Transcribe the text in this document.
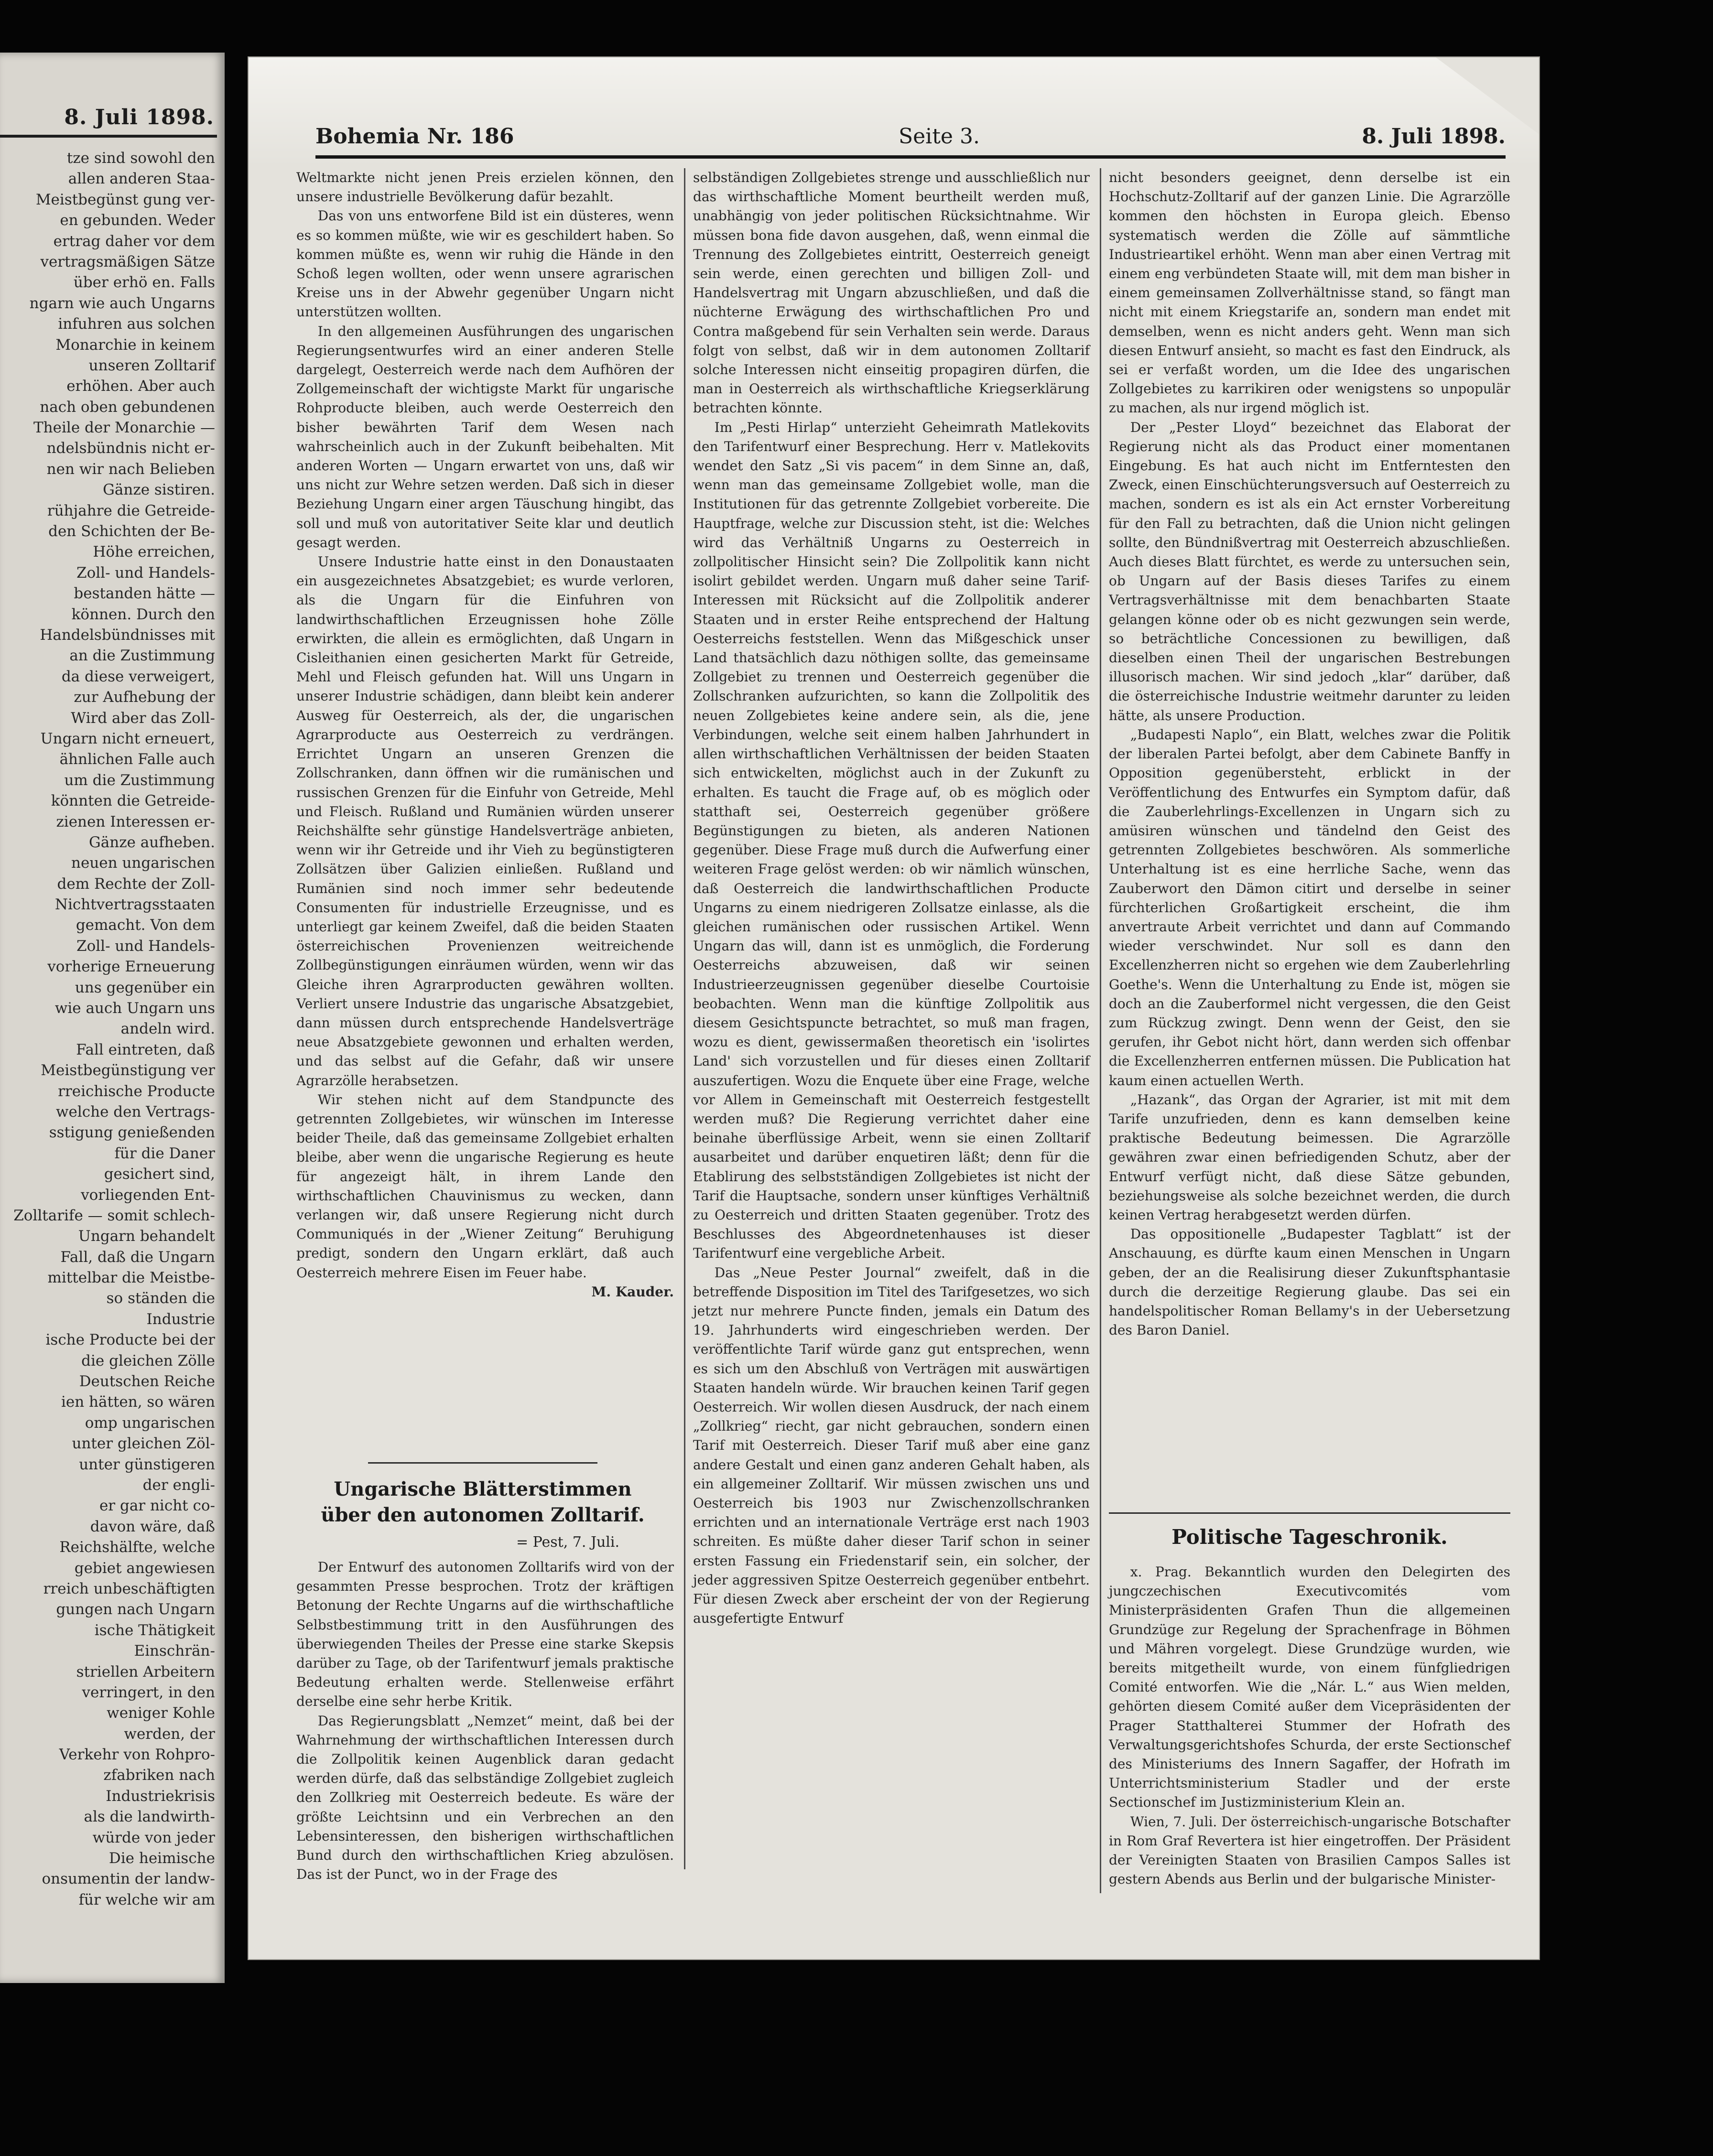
8. Juli 1898.
tze sind sowohl den
allen anderen Staa-
Meistbegünst gung ver-
en gebunden. Weder
ertrag daher vor dem
vertragsmäßigen Sätze
über erhö en. Falls
ngarn wie auch Ungarns
infuhren aus solchen
Monarchie in keinem
unseren Zolltarif
erhöhen. Aber auch
nach oben gebundenen
Theile der Monarchie —
ndelsbündnis nicht er-
nen wir nach Belieben
Gänze sistiren.
rühjahre die Getreide-
den Schichten der Be-
Höhe erreichen,
Zoll- und Handels-
bestanden hätte —
können. Durch den
Handelsbündnisses mit
an die Zustimmung
da diese verweigert,
zur Aufhebung der
Wird aber das Zoll-
Ungarn nicht erneuert,
ähnlichen Falle auch
um die Zustimmung
könnten die Getreide-
zienen Interessen er-
Gänze aufheben.
neuen ungarischen
dem Rechte der Zoll-
Nichtvertragsstaaten
gemacht. Von dem
Zoll- und Handels-
vorherige Erneuerung
uns gegenüber ein
wie auch Ungarn uns
andeln wird.
Fall eintreten, daß
Meistbegünstigung ver
rreichische Producte
welche den Vertrags-
sstigung genießenden
für die Daner
gesichert sind,
vorliegenden Ent-
Zolltarife — somit schlech-
Ungarn behandelt
Fall, daß die Ungarn
mittelbar die Meistbe-
so ständen die
Industrie
ische Producte bei der
die gleichen Zölle
Deutschen Reiche
ien hätten, so wären
omp ungarischen
unter gleichen Zöl-
unter günstigeren
der engli-
er gar nicht co-
davon wäre, daß
Reichshälfte, welche
gebiet angewiesen
rreich unbeschäftigten
gungen nach Ungarn
ische Thätigkeit
Einschrän-
striellen Arbeitern
verringert, in den
weniger Kohle
werden, der
Verkehr von Rohpro-
zfabriken nach
Industriekrisis
als die landwirth-
würde von jeder
Die heimische
onsumentin der landw-
für welche wir am
Bohemia Nr. 186	Seite 3.	8. Juli 1898.

Weltmarkte nicht jenen Preis erzielen können, den unsere industrielle Bevölkerung dafür bezahlt.

Das von uns entworfene Bild ist ein düsteres, wenn es so kommen müßte, wie wir es geschildert haben. So kommen müßte es, wenn wir ruhig die Hände in den Schoß legen wollten, oder wenn unsere agrarischen Kreise uns in der Abwehr gegenüber Ungarn nicht unterstützen wollten.

In den allgemeinen Ausführungen des ungarischen Regierungsentwurfes wird an einer anderen Stelle dargelegt, Oesterreich werde nach dem Aufhören der Zollgemeinschaft der wichtigste Markt für ungarische Rohproducte bleiben, auch werde Oesterreich den bisher bewährten Tarif dem Wesen nach wahrscheinlich auch in der Zukunft beibehalten. Mit anderen Worten — Ungarn erwartet von uns, daß wir uns nicht zur Wehre setzen werden. Daß sich in dieser Beziehung Ungarn einer argen Täuschung hingibt, das soll und muß von autoritativer Seite klar und deutlich gesagt werden.

Unsere Industrie hatte einst in den Donaustaaten ein ausgezeichnetes Absatzgebiet; es wurde verloren, als die Ungarn für die Einfuhren von landwirthschaftlichen Erzeugnissen hohe Zölle erwirkten, die allein es ermöglichten, daß Ungarn in Cisleithanien einen gesicherten Markt für Getreide, Mehl und Fleisch gefunden hat. Will uns Ungarn in unserer Industrie schädigen, dann bleibt kein anderer Ausweg für Oesterreich, als der, die ungarischen Agrarproducte aus Oesterreich zu verdrängen. Errichtet Ungarn an unseren Grenzen die Zollschranken, dann öffnen wir die rumänischen und russischen Grenzen für die Einfuhr von Getreide, Mehl und Fleisch. Rußland und Rumänien würden unserer Reichshälfte sehr günstige Handelsverträge anbieten, wenn wir ihr Getreide und ihr Vieh zu begünstigteren Zollsätzen über Galizien einließen. Rußland und Rumänien sind noch immer sehr bedeutende Consumenten für industrielle Erzeugnisse, und es unterliegt gar keinem Zweifel, daß die beiden Staaten österreichischen Provenienzen weitreichende Zollbegünstigungen einräumen würden, wenn wir das Gleiche ihren Agrarproducten gewähren wollten. Verliert unsere Industrie das ungarische Absatzgebiet, dann müssen durch entsprechende Handelsverträge neue Absatzgebiete gewonnen und erhalten werden, und das selbst auf die Gefahr, daß wir unsere Agrarzölle herabsetzen.

Wir stehen nicht auf dem Standpuncte des getrennten Zollgebietes, wir wünschen im Interesse beider Theile, daß das gemeinsame Zollgebiet erhalten bleibe, aber wenn die ungarische Regierung es heute für angezeigt hält, in ihrem Lande den wirthschaftlichen Chauvinismus zu wecken, dann verlangen wir, daß unsere Regierung nicht durch Communiqués in der „Wiener Zeitung“ Beruhigung predigt, sondern den Ungarn erklärt, daß auch Oesterreich mehrere Eisen im Feuer habe.

M. Kauder.
Ungarische Blätterstimmen über den autonomen Zolltarif.
= Pest, 7. Juli.

Der Entwurf des autonomen Zolltarifs wird von der gesammten Presse besprochen. Trotz der kräftigen Betonung der Rechte Ungarns auf die wirthschaftliche Selbstbestimmung tritt in den Ausführungen des überwiegenden Theiles der Presse eine starke Skepsis darüber zu Tage, ob der Tarifentwurf jemals praktische Bedeutung erhalten werde. Stellenweise erfährt derselbe eine sehr herbe Kritik.

Das Regierungsblatt „Nemzet“ meint, daß bei der Wahrnehmung der wirthschaftlichen Interessen durch die Zollpolitik keinen Augenblick daran gedacht werden dürfe, daß das selbständige Zollgebiet zugleich den Zollkrieg mit Oesterreich bedeute. Es wäre der größte Leichtsinn und ein Verbrechen an den Lebensinteressen, den bisherigen wirthschaftlichen Bund durch den wirthschaftlichen Krieg abzulösen. Das ist der Punct, wo in der Frage des

selbständigen Zollgebietes strenge und ausschließlich nur das wirthschaftliche Moment beurtheilt werden muß, unabhängig von jeder politischen Rücksichtnahme. Wir müssen bona fide davon ausgehen, daß, wenn einmal die Trennung des Zollgebietes eintritt, Oesterreich geneigt sein werde, einen gerechten und billigen Zoll- und Handelsvertrag mit Ungarn abzuschließen, und daß die nüchterne Erwägung des wirthschaftlichen Pro und Contra maßgebend für sein Verhalten sein werde. Daraus folgt von selbst, daß wir in dem autonomen Zolltarif solche Interessen nicht einseitig propagiren dürfen, die man in Oesterreich als wirthschaftliche Kriegserklärung betrachten könnte.

Im „Pesti Hirlap“ unterzieht Geheimrath Matlekovits den Tarifentwurf einer Besprechung. Herr v. Matlekovits wendet den Satz „Si vis pacem“ in dem Sinne an, daß, wenn man das gemeinsame Zollgebiet wolle, man die Institutionen für das getrennte Zollgebiet vorbereite. Die Hauptfrage, welche zur Discussion steht, ist die: Welches wird das Verhältniß Ungarns zu Oesterreich in zollpolitischer Hinsicht sein? Die Zollpolitik kann nicht isolirt gebildet werden. Ungarn muß daher seine Tarif-Interessen mit Rücksicht auf die Zollpolitik anderer Staaten und in erster Reihe entsprechend der Haltung Oesterreichs feststellen. Wenn das Mißgeschick unser Land thatsächlich dazu nöthigen sollte, das gemeinsame Zollgebiet zu trennen und Oesterreich gegenüber die Zollschranken aufzurichten, so kann die Zollpolitik des neuen Zollgebietes keine andere sein, als die, jene Verbindungen, welche seit einem halben Jahrhundert in allen wirthschaftlichen Verhältnissen der beiden Staaten sich entwickelten, möglichst auch in der Zukunft zu erhalten. Es taucht die Frage auf, ob es möglich oder statthaft sei, Oesterreich gegenüber größere Begünstigungen zu bieten, als anderen Nationen gegenüber. Diese Frage muß durch die Aufwerfung einer weiteren Frage gelöst werden: ob wir nämlich wünschen, daß Oesterreich die landwirthschaftlichen Producte Ungarns zu einem niedrigeren Zollsatze einlasse, als die gleichen rumänischen oder russischen Artikel. Wenn Ungarn das will, dann ist es unmöglich, die Forderung Oesterreichs abzuweisen, daß wir seinen Industrieerzeugnissen gegenüber dieselbe Courtoisie beobachten. Wenn man die künftige Zollpolitik aus diesem Gesichtspuncte betrachtet, so muß man fragen, wozu es dient, gewissermaßen theoretisch ein 'isolirtes Land' sich vorzustellen und für dieses einen Zolltarif auszufertigen. Wozu die Enquete über eine Frage, welche vor Allem in Gemeinschaft mit Oesterreich festgestellt werden muß? Die Regierung verrichtet daher eine beinahe überflüssige Arbeit, wenn sie einen Zolltarif ausarbeitet und darüber enquetiren läßt; denn für die Etablirung des selbstständigen Zollgebietes ist nicht der Tarif die Hauptsache, sondern unser künftiges Verhältniß zu Oesterreich und dritten Staaten gegenüber. Trotz des Beschlusses des Abgeordnetenhauses ist dieser Tarifentwurf eine vergebliche Arbeit.

Das „Neue Pester Journal“ zweifelt, daß in die betreffende Disposition im Titel des Tarifgesetzes, wo sich jetzt nur mehrere Puncte finden, jemals ein Datum des 19. Jahrhunderts wird eingeschrieben werden. Der veröffentlichte Tarif würde ganz gut entsprechen, wenn es sich um den Abschluß von Verträgen mit auswärtigen Staaten handeln würde. Wir brauchen keinen Tarif gegen Oesterreich. Wir wollen diesen Ausdruck, der nach einem „Zollkrieg“ riecht, gar nicht gebrauchen, sondern einen Tarif mit Oesterreich. Dieser Tarif muß aber eine ganz andere Gestalt und einen ganz anderen Gehalt haben, als ein allgemeiner Zolltarif. Wir müssen zwischen uns und Oesterreich bis 1903 nur Zwischenzollschranken errichten und an internationale Verträge erst nach 1903 schreiten. Es müßte daher dieser Tarif schon in seiner ersten Fassung ein Friedenstarif sein, ein solcher, der jeder aggressiven Spitze Oesterreich gegenüber entbehrt. Für diesen Zweck aber erscheint der von der Regierung ausgefertigte Entwurf

nicht besonders geeignet, denn derselbe ist ein Hochschutz-Zolltarif auf der ganzen Linie. Die Agrarzölle kommen den höchsten in Europa gleich. Ebenso systematisch werden die Zölle auf sämmtliche Industrieartikel erhöht. Wenn man aber einen Vertrag mit einem eng verbündeten Staate will, mit dem man bisher in einem gemeinsamen Zollverhältnisse stand, so fängt man nicht mit einem Kriegstarife an, sondern man endet mit demselben, wenn es nicht anders geht. Wenn man sich diesen Entwurf ansieht, so macht es fast den Eindruck, als sei er verfaßt worden, um die Idee des ungarischen Zollgebietes zu karrikiren oder wenigstens so unpopulär zu machen, als nur irgend möglich ist.

Der „Pester Lloyd“ bezeichnet das Elaborat der Regierung nicht als das Product einer momentanen Eingebung. Es hat auch nicht im Entferntesten den Zweck, einen Einschüchterungsversuch auf Oesterreich zu machen, sondern es ist als ein Act ernster Vorbereitung für den Fall zu betrachten, daß die Union nicht gelingen sollte, den Bündnißvertrag mit Oesterreich abzuschließen. Auch dieses Blatt fürchtet, es werde zu untersuchen sein, ob Ungarn auf der Basis dieses Tarifes zu einem Vertragsverhältnisse mit dem benachbarten Staate gelangen könne oder ob es nicht gezwungen sein werde, so beträchtliche Concessionen zu bewilligen, daß dieselben einen Theil der ungarischen Bestrebungen illusorisch machen. Wir sind jedoch „klar“ darüber, daß die österreichische Industrie weitmehr darunter zu leiden hätte, als unsere Production.

„Budapesti Naplo“, ein Blatt, welches zwar die Politik der liberalen Partei befolgt, aber dem Cabinete Banffy in Opposition gegenübersteht, erblickt in der Veröffentlichung des Entwurfes ein Symptom dafür, daß die Zauberlehrlings-Excellenzen in Ungarn sich zu amüsiren wünschen und tändelnd den Geist des getrennten Zollgebietes beschwören. Als sommerliche Unterhaltung ist es eine herrliche Sache, wenn das Zauberwort den Dämon citirt und derselbe in seiner fürchterlichen Großartigkeit erscheint, die ihm anvertraute Arbeit verrichtet und dann auf Commando wieder verschwindet. Nur soll es dann den Excellenzherren nicht so ergehen wie dem Zauberlehrling Goethe's. Wenn die Unterhaltung zu Ende ist, mögen sie doch an die Zauberformel nicht vergessen, die den Geist zum Rückzug zwingt. Denn wenn der Geist, den sie gerufen, ihr Gebot nicht hört, dann werden sich offenbar die Excellenzherren entfernen müssen. Die Publication hat kaum einen actuellen Werth.

„Hazank“, das Organ der Agrarier, ist mit mit dem Tarife unzufrieden, denn es kann demselben keine praktische Bedeutung beimessen. Die Agrarzölle gewähren zwar einen befriedigenden Schutz, aber der Entwurf verfügt nicht, daß diese Sätze gebunden, beziehungsweise als solche bezeichnet werden, die durch keinen Vertrag herabgesetzt werden dürfen.

Das oppositionelle „Budapester Tagblatt“ ist der Anschauung, es dürfte kaum einen Menschen in Ungarn geben, der an die Realisirung dieser Zukunftsphantasie durch die derzeitige Regierung glaube. Das sei ein handelspolitischer Roman Bellamy's in der Uebersetzung des Baron Daniel.

Politische Tageschronik.

x. Prag. Bekanntlich wurden den Delegirten des jungczechischen Executivcomités vom Ministerpräsidenten Grafen Thun die allgemeinen Grundzüge zur Regelung der Sprachenfrage in Böhmen und Mähren vorgelegt. Diese Grundzüge wurden, wie bereits mitgetheilt wurde, von einem fünfgliedrigen Comité entworfen. Wie die „Nár. L.“ aus Wien melden, gehörten diesem Comité außer dem Vicepräsidenten der Prager Statthalterei Stummer der Hofrath des Verwaltungsgerichtshofes Schurda, der erste Sectionschef des Ministeriums des Innern Sagaffer, der Hofrath im Unterrichtsministerium Stadler und der erste Sectionschef im Justizministerium Klein an.

Wien, 7. Juli. Der österreichisch-ungarische Botschafter in Rom Graf Revertera ist hier eingetroffen. Der Präsident der Vereinigten Staaten von Brasilien Campos Salles ist gestern Abends aus Berlin und der bulgarische Minister-
